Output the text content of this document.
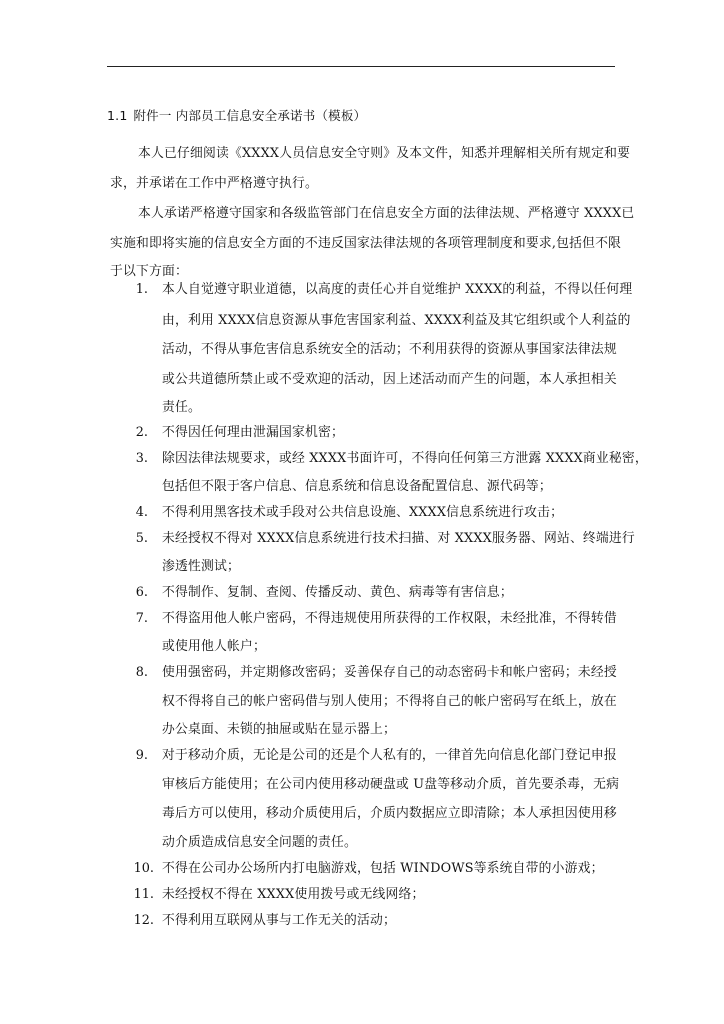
1.1 附件一 内部员工信息安全承诺书（模板）
本人已仔细阅读《XXXX人员信息安全守则》及本文件，知悉并理解相关所有规定和要
求，并承诺在工作中严格遵守执行。
本人承诺严格遵守国家和各级监管部门在信息安全方面的法律法规、严格遵守 XXXX已
实施和即将实施的信息安全方面的不违反国家法律法规的各项管理制度和要求,包括但不限
于以下方面：
1. 本人自觉遵守职业道德，以高度的责任心并自觉维护 XXXX的利益，不得以任何理
由，利用 XXXX信息资源从事危害国家利益、XXXX利益及其它组织或个人利益的
活动，不得从事危害信息系统安全的活动；不利用获得的资源从事国家法律法规
或公共道德所禁止或不受欢迎的活动，因上述活动而产生的问题，本人承担相关
责任。
2. 不得因任何理由泄漏国家机密；
3. 除因法律法规要求，或经 XXXX书面许可，不得向任何第三方泄露 XXXX商业秘密，
包括但不限于客户信息、信息系统和信息设备配置信息、源代码等；
4. 不得利用黑客技术或手段对公共信息设施、XXXX信息系统进行攻击；
5. 未经授权不得对 XXXX信息系统进行技术扫描、对 XXXX服务器、网站、终端进行
渗透性测试；
6. 不得制作、复制、查阅、传播反动、黄色、病毒等有害信息；
7. 不得盗用他人帐户密码，不得违规使用所获得的工作权限，未经批准，不得转借
或使用他人帐户；
8. 使用强密码，并定期修改密码；妥善保存自己的动态密码卡和帐户密码；未经授
权不得将自己的帐户密码借与别人使用；不得将自己的帐户密码写在纸上，放在
办公桌面、未锁的抽屉或贴在显示器上；
9. 对于移动介质，无论是公司的还是个人私有的，一律首先向信息化部门登记申报
审核后方能使用；在公司内使用移动硬盘或 U盘等移动介质，首先要杀毒，无病
毒后方可以使用，移动介质使用后，介质内数据应立即清除；本人承担因使用移
动介质造成信息安全问题的责任。
10. 不得在公司办公场所内打电脑游戏，包括 WINDOWS等系统自带的小游戏；
11. 未经授权不得在 XXXX使用拨号或无线网络；
12. 不得利用互联网从事与工作无关的活动；
